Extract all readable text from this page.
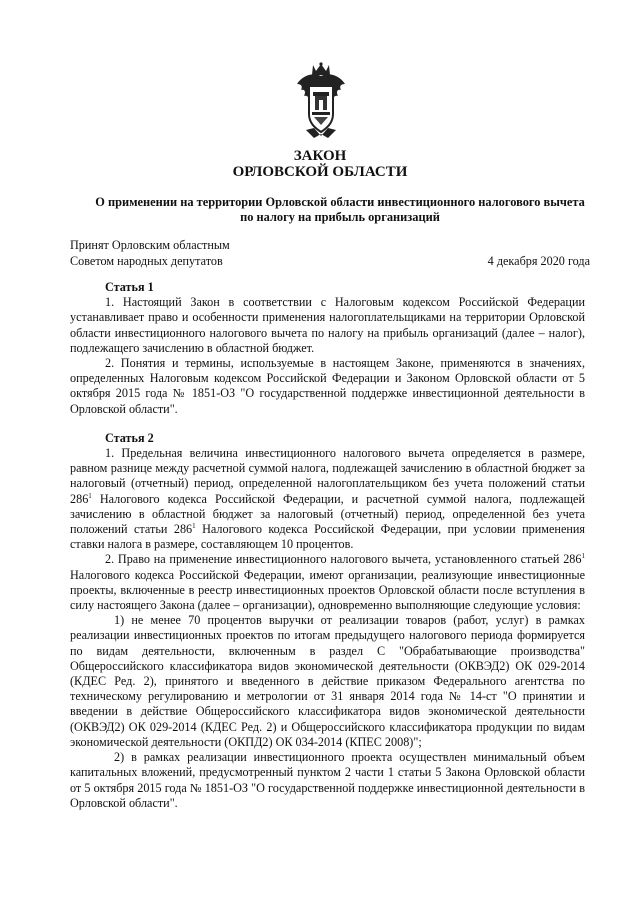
ЗАКОН
ОРЛОВСКОЙ ОБЛАСТИ
О применении на территории Орловской области инвестиционного налогового вычета
по налогу на прибыль организаций
Принят Орловским областным
Советом народных депутатов	4 декабря 2020 года

Статья 1

1. Настоящий Закон в соответствии с Налоговым кодексом Российской Федерации устанавливает право и особенности применения налогоплательщиками на территории Орловской области инвестиционного налогового вычета по налогу на прибыль организаций (далее – налог), подлежащего зачислению в областной бюджет.

2. Понятия и термины, используемые в настоящем Законе, применяются в значениях, определенных Налоговым кодексом Российской Федерации и Законом Орловской области от 5 октября 2015 года № 1851-ОЗ "О государственной поддержке инвестиционной деятельности в Орловской области".

Статья 2

1. Предельная величина инвестиционного налогового вычета определяется в размере, равном разнице между расчетной суммой налога, подлежащей зачислению в областной бюджет за налоговый (отчетный) период, определенной налогоплательщиком без учета положений статьи $286^1$ Налогового кодекса Российской Федерации, и расчетной суммой налога, подлежащей зачислению в областной бюджет за налоговый (отчетный) период, определенной без учета положений статьи $286^1$ Налогового кодекса Российской Федерации, при условии применения ставки налога в размере, составляющем 10 процентов.

2. Право на применение инвестиционного налогового вычета, установленного статьей $286^1$ Налогового кодекса Российской Федерации, имеют организации, реализующие инвестиционные проекты, включенные в реестр инвестиционных проектов Орловской области после вступления в силу настоящего Закона (далее – организации), одновременно выполняющие следующие условия:

1) не менее 70 процентов выручки от реализации товаров (работ, услуг) в рамках реализации инвестиционных проектов по итогам предыдущего налогового периода формируется по видам деятельности, включенным в раздел C "Обрабатывающие производства" Общероссийского классификатора видов экономической деятельности (ОКВЭД2) ОК 029-2014 (КДЕС Ред. 2), принятого и введенного в действие приказом Федерального агентства по техническому регулированию и метрологии от 31 января 2014 года № 14-ст "О принятии и введении в действие Общероссийского классификатора видов экономической деятельности (ОКВЭД2) ОК 029-2014 (КДЕС Ред. 2) и Общероссийского классификатора продукции по видам экономической деятельности (ОКПД2) ОК 034-2014 (КПЕС 2008)";

2) в рамках реализации инвестиционного проекта осуществлен минимальный объем капитальных вложений, предусмотренный пунктом 2 части 1 статьи 5 Закона Орловской области от 5 октября 2015 года № 1851-ОЗ "О государственной поддержке инвестиционной деятельности в Орловской области".
